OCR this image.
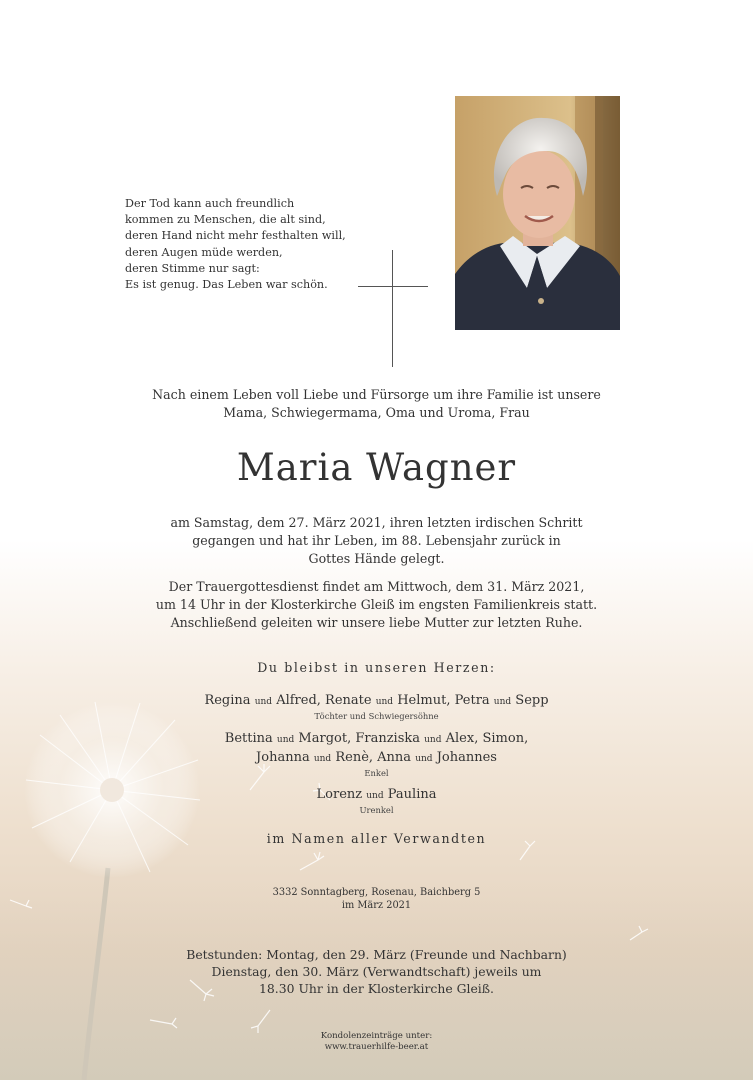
Der Tod kann auch freundlich
kommen zu Menschen, die alt sind,
deren Hand nicht mehr festhalten will,
deren Augen müde werden,
deren Stimme nur sagt:
Es ist genug. Das Leben war schön.
Nach einem Leben voll Liebe und Fürsorge um ihre Familie ist unsere
Mama, Schwiegermama, Oma und Uroma, Frau
Maria Wagner
am Samstag, dem 27. März 2021, ihren letzten irdischen Schritt
gegangen und hat ihr Leben, im 88. Lebensjahr zurück in
Gottes Hände gelegt.
Der Trauergottesdienst findet am Mittwoch, dem 31. März 2021,
um 14 Uhr in der Klosterkirche Gleiß im engsten Familienkreis statt.
Anschließend geleiten wir unsere liebe Mutter zur letzten Ruhe.
Du bleibst in unseren Herzen:
Regina und Alfred, Renate und Helmut, Petra und Sepp
Töchter und Schwiegersöhne
Bettina und Margot, Franziska und Alex, Simon,
Johanna und Renè, Anna und Johannes
Enkel
Lorenz und Paulina
Urenkel
im Namen aller Verwandten
3332 Sonntagberg, Rosenau, Baichberg 5
im März 2021
Betstunden: Montag, den 29. März (Freunde und Nachbarn)
Dienstag, den 30. März (Verwandtschaft) jeweils um
18.30 Uhr in der Klosterkirche Gleiß.
Kondolenzeinträge unter:
www.trauerhilfe-beer.at
